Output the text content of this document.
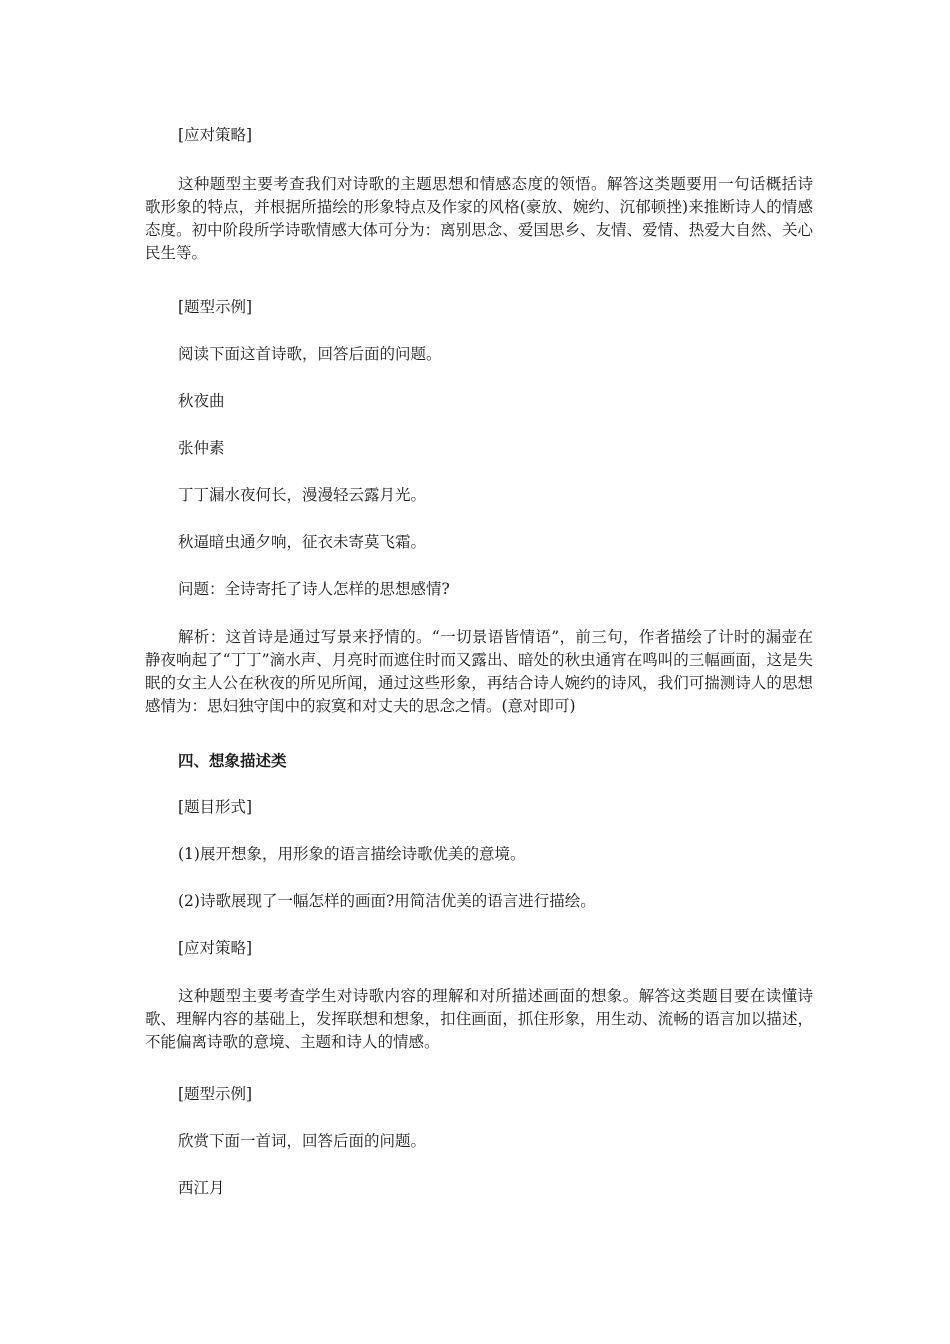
[应对策略]
这种题型主要考查我们对诗歌的主题思想和情感态度的领悟。解答这类题要用一句话概括诗歌形象的特点，并根据所描绘的形象特点及作家的风格(豪放、婉约、沉郁顿挫)来推断诗人的情感态度。初中阶段所学诗歌情感大体可分为：离别思念、爱国思乡、友情、爱情、热爱大自然、关心民生等。
[题型示例]
阅读下面这首诗歌，回答后面的问题。
秋夜曲
张仲素
丁丁漏水夜何长，漫漫轻云露月光。
秋逼暗虫通夕响，征衣未寄莫飞霜。
问题：全诗寄托了诗人怎样的思想感情?
解析：这首诗是通过写景来抒情的。“一切景语皆情语”，前三句，作者描绘了计时的漏壶在静夜响起了“丁丁”滴水声、月亮时而遮住时而又露出、暗处的秋虫通宵在鸣叫的三幅画面，这是失眠的女主人公在秋夜的所见所闻，通过这些形象，再结合诗人婉约的诗风，我们可揣测诗人的思想感情为：思妇独守闺中的寂寞和对丈夫的思念之情。(意对即可)
四、想象描述类
[题目形式]
(1)展开想象，用形象的语言描绘诗歌优美的意境。
(2)诗歌展现了一幅怎样的画面?用简洁优美的语言进行描绘。
[应对策略]
这种题型主要考查学生对诗歌内容的理解和对所描述画面的想象。解答这类题目要在读懂诗歌、理解内容的基础上，发挥联想和想象，扣住画面，抓住形象，用生动、流畅的语言加以描述，不能偏离诗歌的意境、主题和诗人的情感。
[题型示例]
欣赏下面一首词，回答后面的问题。
西江月
